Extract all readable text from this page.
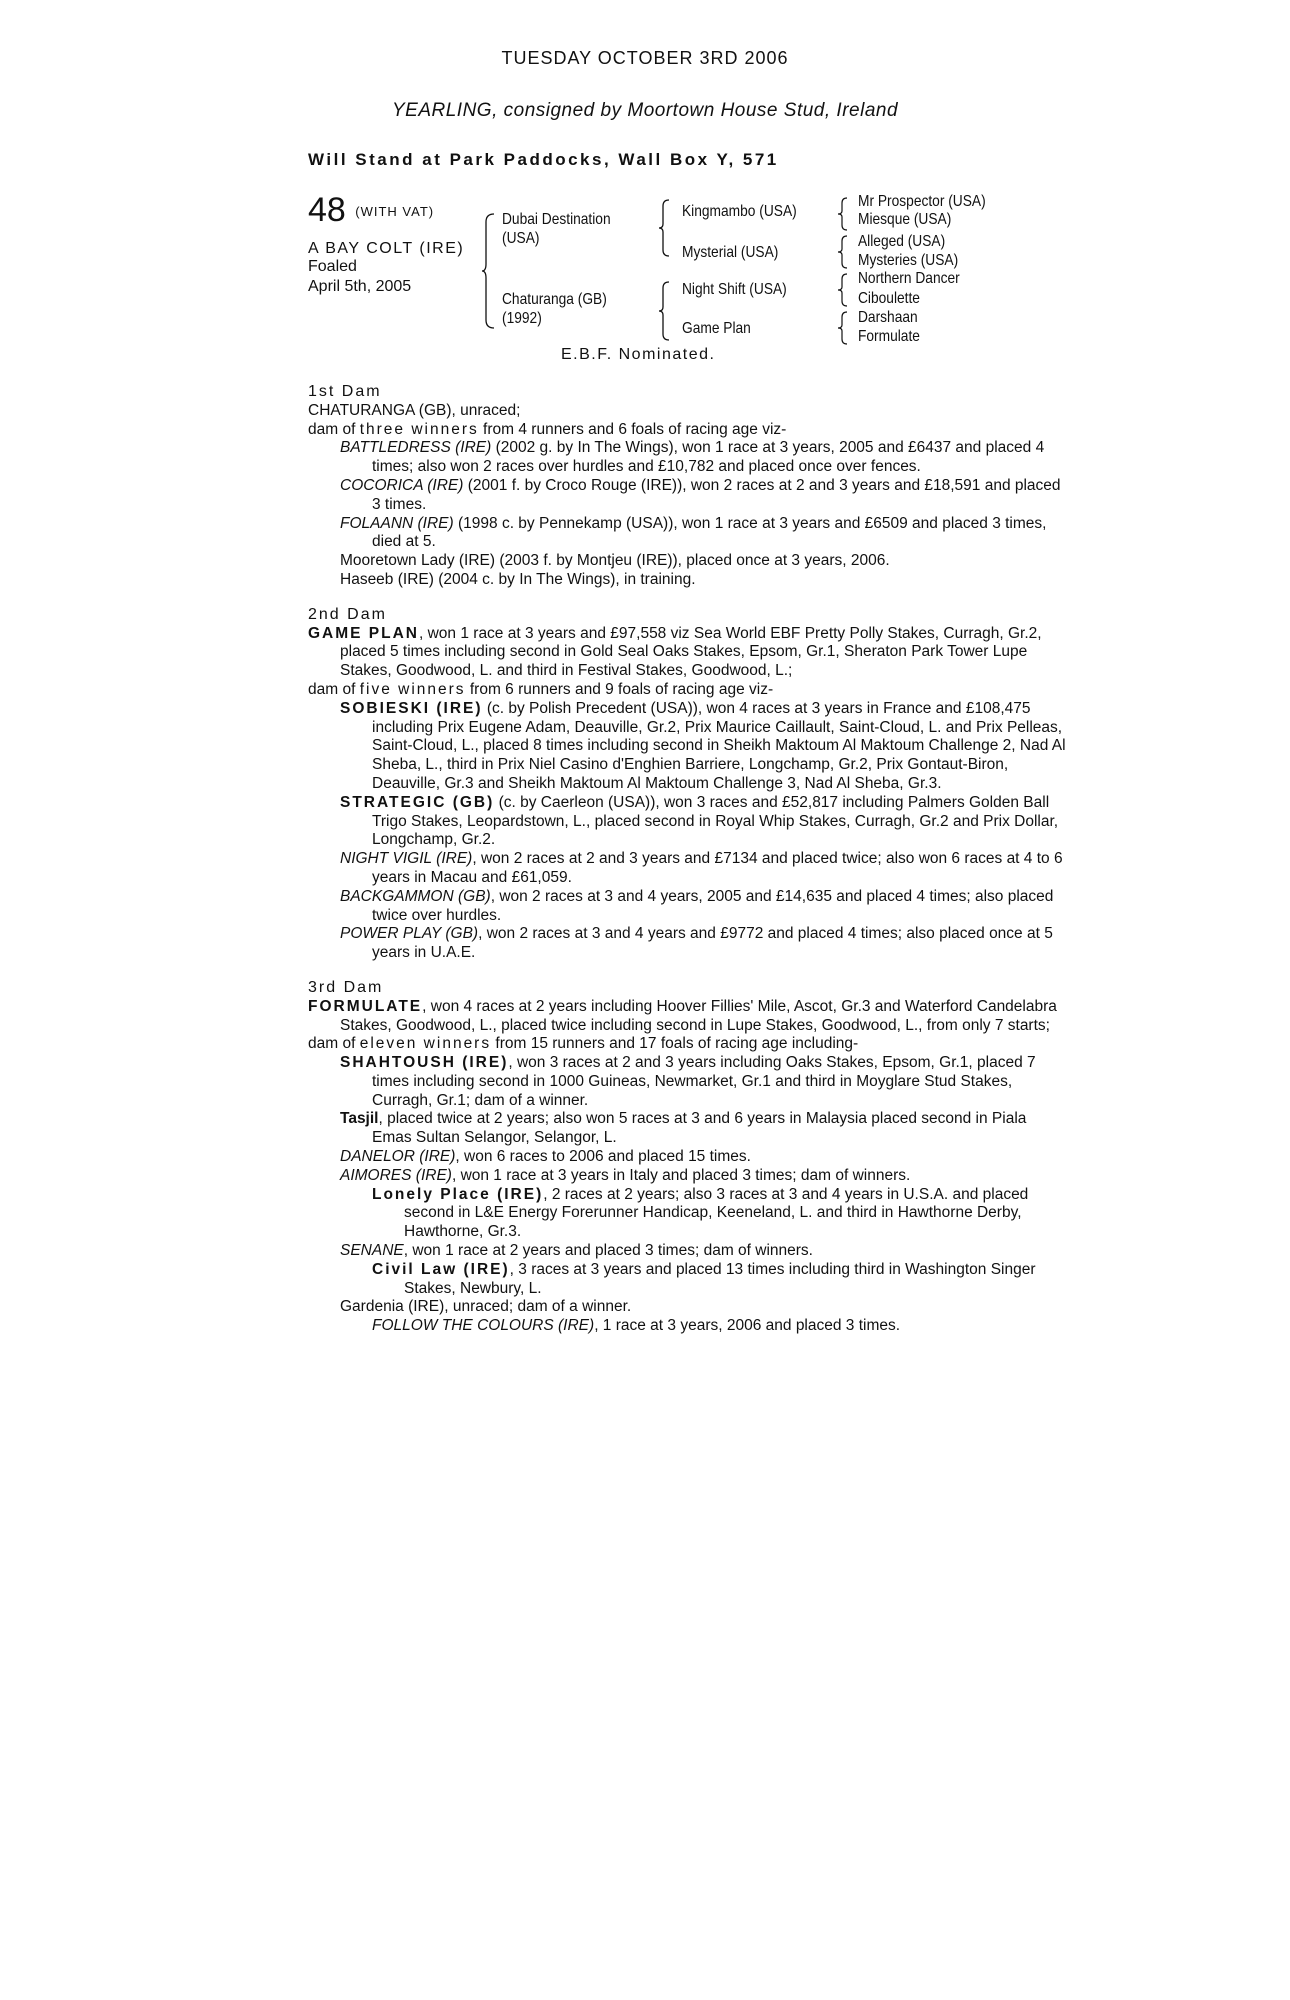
TUESDAY OCTOBER 3RD 2006
YEARLING, consigned by Moortown House Stud, Ireland
Will Stand at Park Paddocks, Wall Box Y, 571
48 (WITH VAT)
A BAY COLT (IRE)
Foaled
April 5th, 2005
Dubai Destination
(USA)
Chaturanga (GB)
(1992)
Kingmambo (USA)
Mysterial (USA)
Night Shift (USA)
Game Plan
Mr Prospector (USA)
Miesque (USA)
Alleged (USA)
Mysteries (USA)
Northern Dancer
Ciboulette
Darshaan
Formulate
E.B.F. Nominated.
1st Dam
CHATURANGA (GB), unraced;
dam of three winners from 4 runners and 6 foals of racing age viz-
BATTLEDRESS (IRE) (2002 g. by In The Wings), won 1 race at 3 years, 2005 and £6437 and placed 4 times; also won 2 races over hurdles and £10,782 and placed once over fences.
COCORICA (IRE) (2001 f. by Croco Rouge (IRE)), won 2 races at 2 and 3 years and £18,591 and placed 3 times.
FOLAANN (IRE) (1998 c. by Pennekamp (USA)), won 1 race at 3 years and £6509 and placed 3 times, died at 5.
Mooretown Lady (IRE) (2003 f. by Montjeu (IRE)), placed once at 3 years, 2006.
Haseeb (IRE) (2004 c. by In The Wings), in training.
2nd Dam
GAME PLAN, won 1 race at 3 years and £97,558 viz Sea World EBF Pretty Polly Stakes, Curragh, Gr.2, placed 5 times including second in Gold Seal Oaks Stakes, Epsom, Gr.1, Sheraton Park Tower Lupe Stakes, Goodwood, L. and third in Festival Stakes, Goodwood, L.;
dam of five winners from 6 runners and 9 foals of racing age viz-
SOBIESKI (IRE) (c. by Polish Precedent (USA)), won 4 races at 3 years in France and £108,475 including Prix Eugene Adam, Deauville, Gr.2, Prix Maurice Caillault, Saint-Cloud, L. and Prix Pelleas, Saint-Cloud, L., placed 8 times including second in Sheikh Maktoum Al Maktoum Challenge 2, Nad Al Sheba, L., third in Prix Niel Casino d'Enghien Barriere, Longchamp, Gr.2, Prix Gontaut-Biron, Deauville, Gr.3 and Sheikh Maktoum Al Maktoum Challenge 3, Nad Al Sheba, Gr.3.
STRATEGIC (GB) (c. by Caerleon (USA)), won 3 races and £52,817 including Palmers Golden Ball Trigo Stakes, Leopardstown, L., placed second in Royal Whip Stakes, Curragh, Gr.2 and Prix Dollar, Longchamp, Gr.2.
NIGHT VIGIL (IRE), won 2 races at 2 and 3 years and £7134 and placed twice; also won 6 races at 4 to 6 years in Macau and £61,059.
BACKGAMMON (GB), won 2 races at 3 and 4 years, 2005 and £14,635 and placed 4 times; also placed twice over hurdles.
POWER PLAY (GB), won 2 races at 3 and 4 years and £9772 and placed 4 times; also placed once at 5 years in U.A.E.
3rd Dam
FORMULATE, won 4 races at 2 years including Hoover Fillies' Mile, Ascot, Gr.3 and Waterford Candelabra Stakes, Goodwood, L., placed twice including second in Lupe Stakes, Goodwood, L., from only 7 starts;
dam of eleven winners from 15 runners and 17 foals of racing age including-
SHAHTOUSH (IRE), won 3 races at 2 and 3 years including Oaks Stakes, Epsom, Gr.1, placed 7 times including second in 1000 Guineas, Newmarket, Gr.1 and third in Moyglare Stud Stakes, Curragh, Gr.1; dam of a winner.
Tasjil, placed twice at 2 years; also won 5 races at 3 and 6 years in Malaysia placed second in Piala Emas Sultan Selangor, Selangor, L.
DANELOR (IRE), won 6 races to 2006 and placed 15 times.
AIMORES (IRE), won 1 race at 3 years in Italy and placed 3 times; dam of winners.
Lonely Place (IRE), 2 races at 2 years; also 3 races at 3 and 4 years in U.S.A. and placed second in L&E Energy Forerunner Handicap, Keeneland, L. and third in Hawthorne Derby, Hawthorne, Gr.3.
SENANE, won 1 race at 2 years and placed 3 times; dam of winners.
Civil Law (IRE), 3 races at 3 years and placed 13 times including third in Washington Singer Stakes, Newbury, L.
Gardenia (IRE), unraced; dam of a winner.
FOLLOW THE COLOURS (IRE), 1 race at 3 years, 2006 and placed 3 times.
